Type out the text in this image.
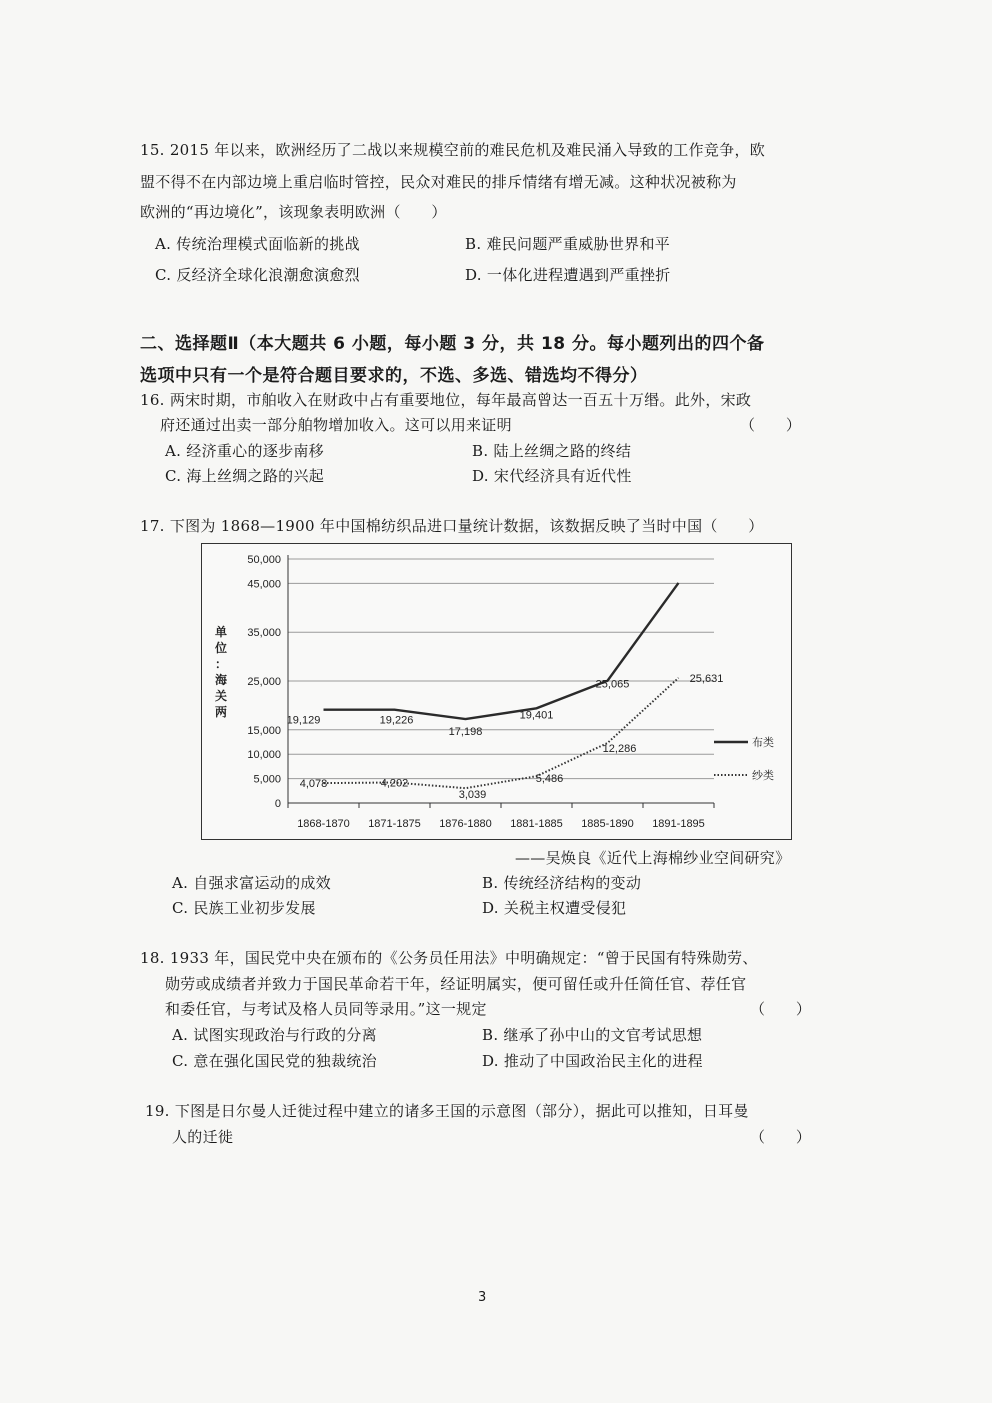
15. 2015 年以来，欧洲经历了二战以来规模空前的难民危机及难民涌入导致的工作竞争，欧
盟不得不在内部边境上重启临时管控，民众对难民的排斥情绪有增无减。这种状况被称为
欧洲的“再边境化”，该现象表明欧洲（　　）
A. 传统治理模式面临新的挑战	B. 难民问题严重威胁世界和平
C. 反经济全球化浪潮愈演愈烈	D. 一体化进程遭遇到严重挫折
二、选择题Ⅱ（本大题共 6 小题，每小题 3 分，共 18 分。每小题列出的四个备
选项中只有一个是符合题目要求的，不选、多选、错选均不得分）
16. 两宋时期，市舶收入在财政中占有重要地位，每年最高曾达一百五十万缗。此外，宋政
府还通过出卖一部分舶物增加收入。这可以用来证明	（　　）
A. 经济重心的逐步南移	B. 陆上丝绸之路的终结
C. 海上丝绸之路的兴起	D. 宋代经济具有近代性
17. 下图为 1868—1900 年中国棉纺织品进口量统计数据，该数据反映了当时中国（　　）
0
5,000
10,000
15,000
25,000
35,000
45,000
50,000
1868-1870 1871-1875 1876-1880 1881-1885 1885-1890 1891-1895
单
位
：
海
关
两
19,129	19,226
17,198
19,401
25,065
4,078	4,202
3,039
5,486
12,286
25,631
布类
纱类
——吴焕良《近代上海棉纱业空间研究》
A. 自强求富运动的成效	B. 传统经济结构的变动
C. 民族工业初步发展	D. 关税主权遭受侵犯
18. 1933 年，国民党中央在颁布的《公务员任用法》中明确规定：“曾于民国有特殊勋劳、
勋劳或成绩者并致力于国民革命若干年，经证明属实，便可留任或升任简任官、荐任官
和委任官，与考试及格人员同等录用。”这一规定	（　　）
A. 试图实现政治与行政的分离	B. 继承了孙中山的文官考试思想
C. 意在强化国民党的独裁统治	D. 推动了中国政治民主化的进程
19. 下图是日尔曼人迁徙过程中建立的诸多王国的示意图（部分），据此可以推知，日耳曼
人的迁徙	（　　）
3
